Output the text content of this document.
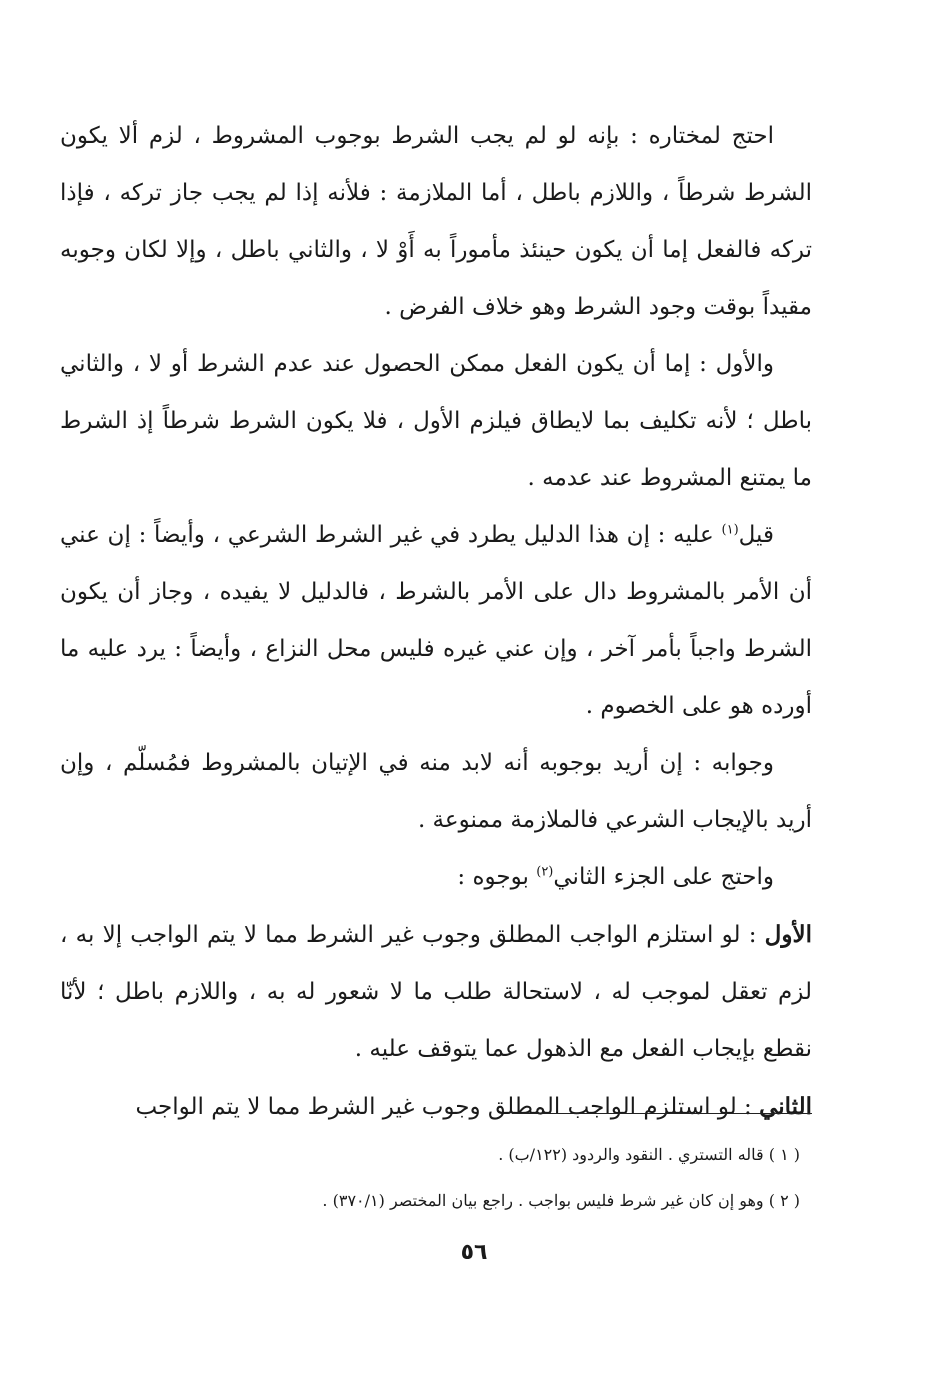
احتج لمختاره : بإنه لو لم يجب الشرط بوجوب المشروط ، لزم ألا يكون الشرط شرطاً ، واللازم باطل ، أما الملازمة : فلأنه إذا لم يجب جاز تركه ، فإذا تركه فالفعل إما أن يكون حينئذ مأموراً به أَوْ لا ، والثاني باطل ، وإلا لكان وجوبه مقيداً بوقت وجود الشرط وهو خلاف الفرض .

والأول : إما أن يكون الفعل ممكن الحصول عند عدم الشرط أو لا ، والثاني باطل ؛ لأنه تكليف بما لايطاق فيلزم الأول ، فلا يكون الشرط شرطاً إذ الشرط ما يمتنع المشروط عند عدمه .

قيل$^{(١)}$ عليه : إن هذا الدليل يطرد في غير الشرط الشرعي ، وأيضاً : إن عني أن الأمر بالمشروط دال على الأمر بالشرط ، فالدليل لا يفيده ، وجاز أن يكون الشرط واجباً بأمر آخر ، وإن عني غيره فليس محل النزاع ، وأيضاً : يرد عليه ما أورده هو على الخصوم .

وجوابه : إن أريد بوجوبه أنه لابد منه في الإتيان بالمشروط فمُسلّم ، وإن أريد بالإيجاب الشرعي فالملازمة ممنوعة .

واحتج على الجزء الثاني$^{(٢)}$ بوجوه :

الأول : لو استلزم الواجب المطلق وجوب غير الشرط مما لا يتم الواجب إلا به ، لزم تعقل لموجب له ، لاستحالة طلب ما لا شعور له به ، واللازم باطل ؛ لأنّا نقطع بإيجاب الفعل مع الذهول عما يتوقف عليه .

الثاني : لو استلزم الواجب المطلق وجوب غير الشرط مما لا يتم الواجب

( ١ ) قاله التستري . النقود والردود (١٢٢/ب) .

( ٢ ) وهو إن كان غير شرط فليس بواجب . راجع بيان المختصر (٣٧٠/١) .

٥٦
